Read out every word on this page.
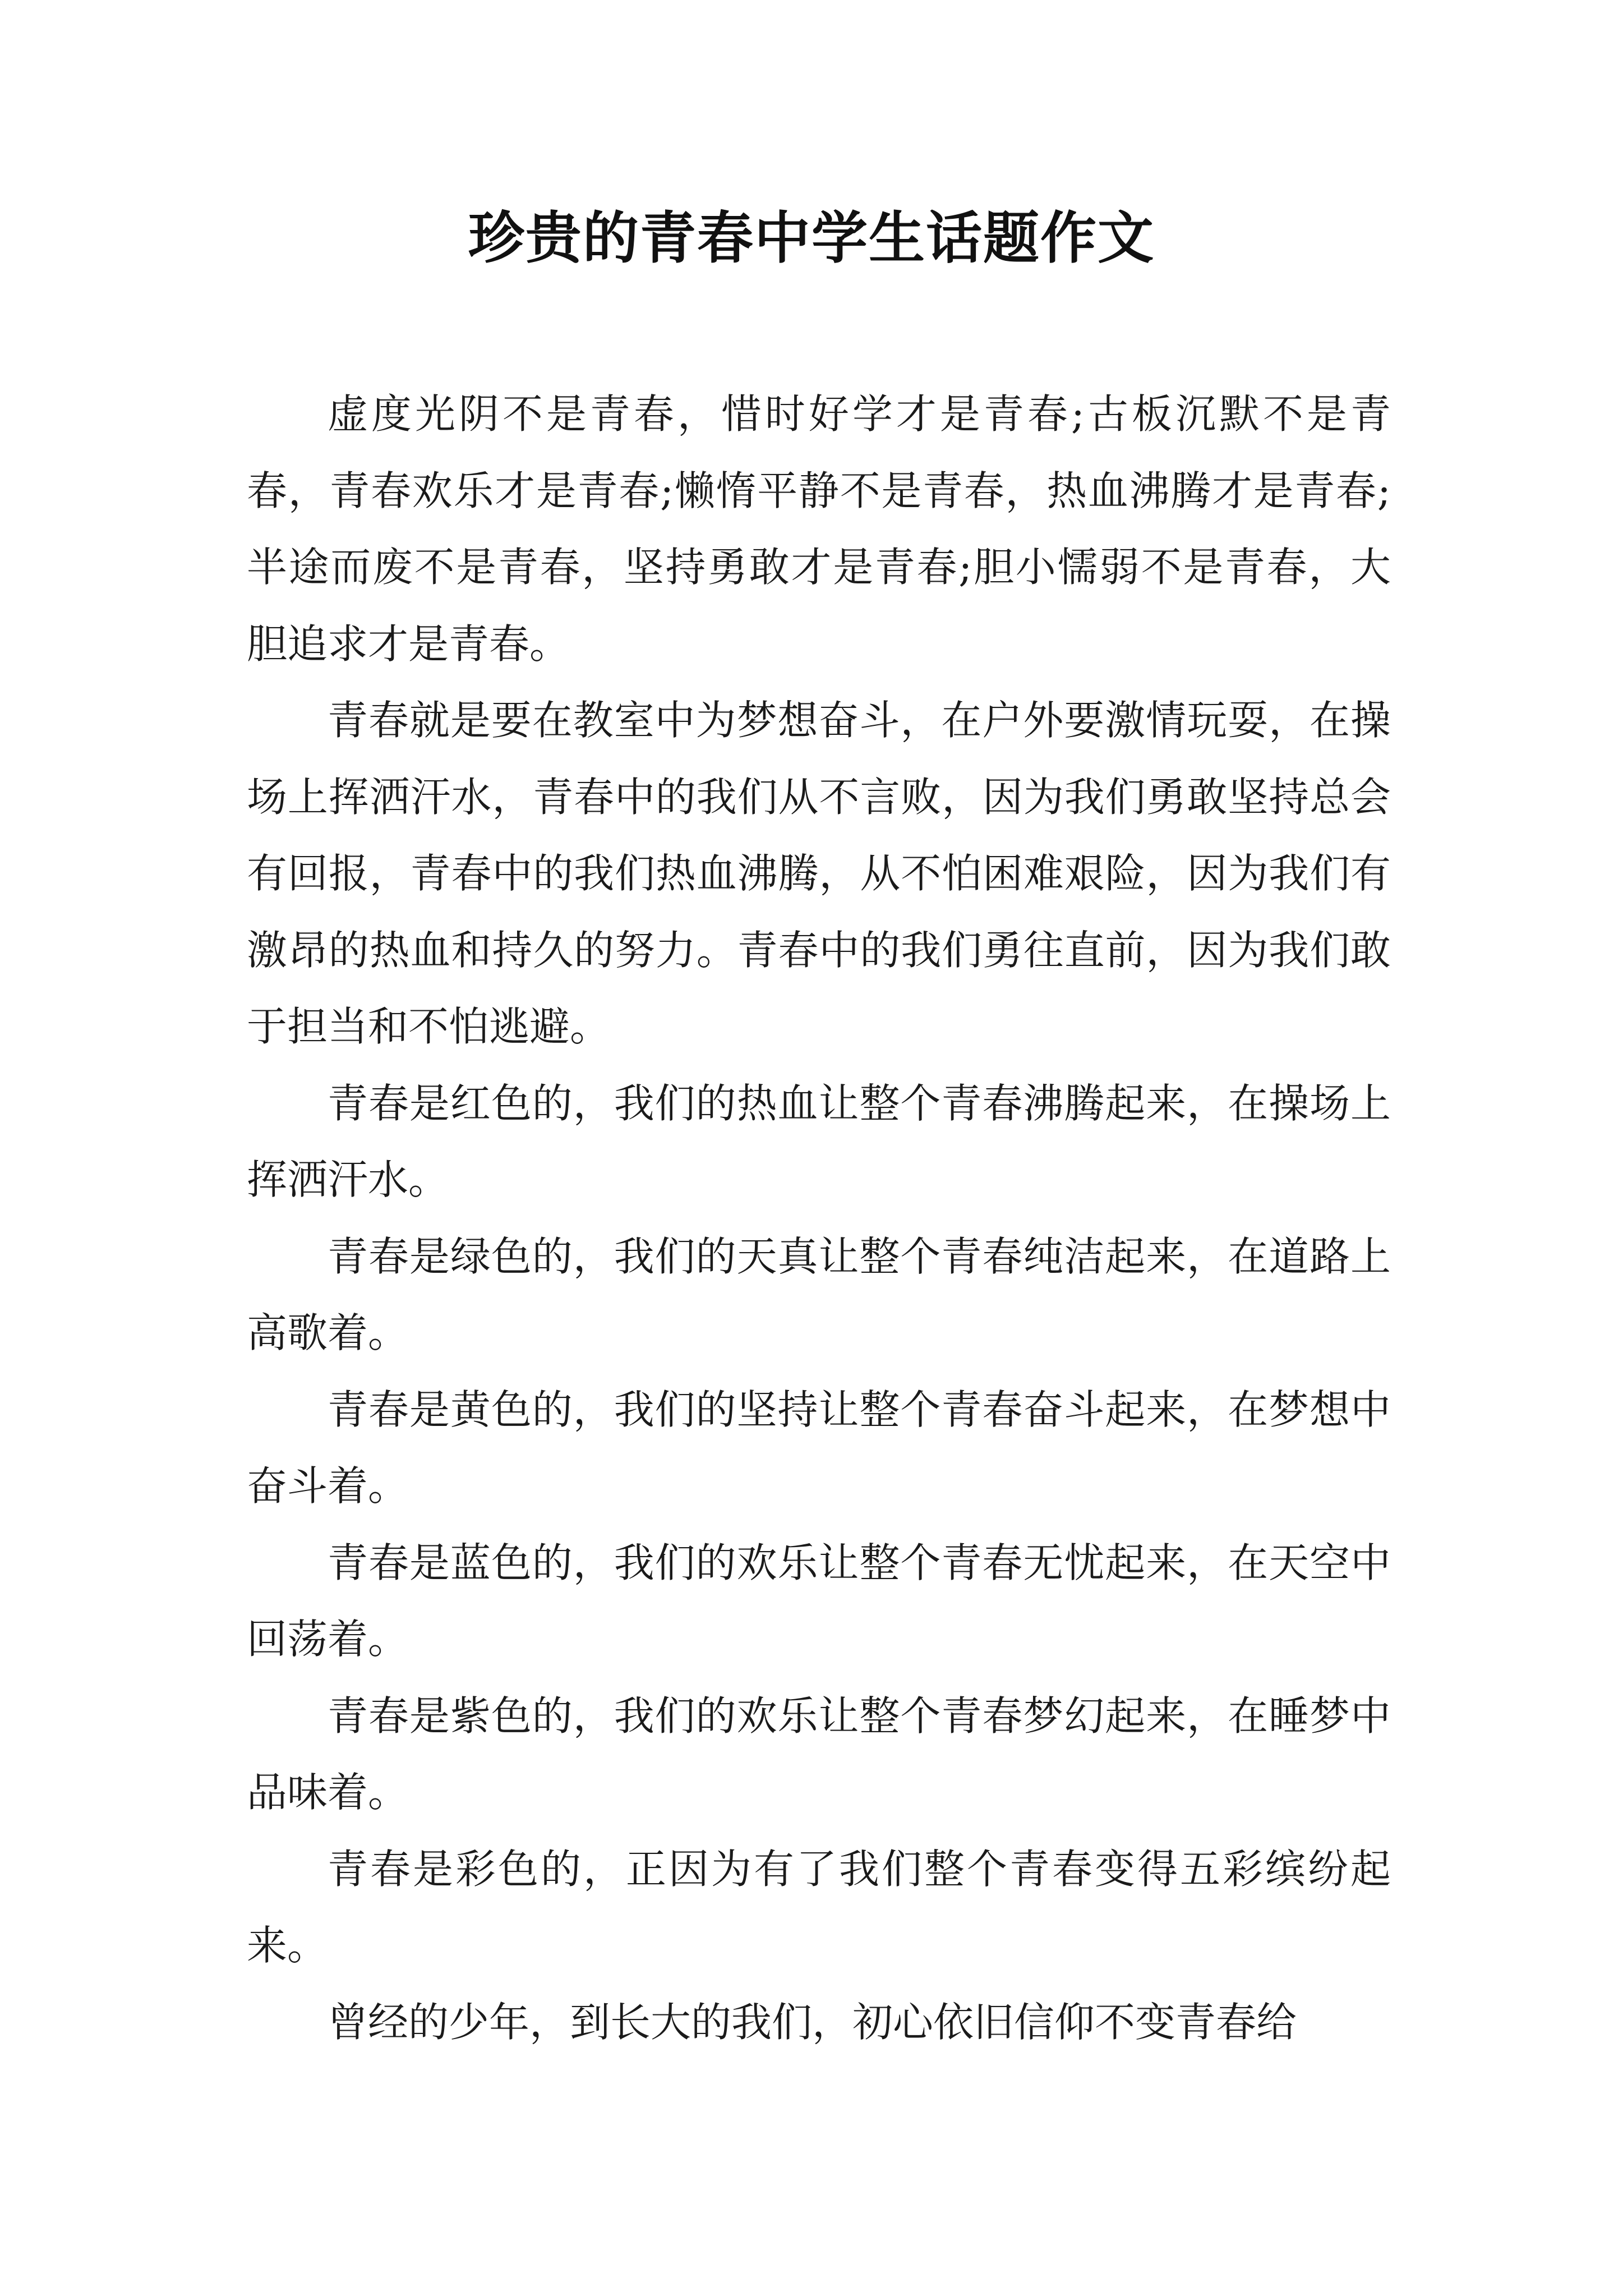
珍贵的青春中学生话题作文

虚度光阴不是青春，惜时好学才是青春;古板沉默不是青春，青春欢乐才是青春;懒惰平静不是青春，热血沸腾才是青春;半途而废不是青春，坚持勇敢才是青春;胆小懦弱不是青春，大胆追求才是青春。

青春就是要在教室中为梦想奋斗，在户外要激情玩耍，在操场上挥洒汗水，青春中的我们从不言败，因为我们勇敢坚持总会有回报，青春中的我们热血沸腾，从不怕困难艰险，因为我们有激昂的热血和持久的努力。青春中的我们勇往直前，因为我们敢于担当和不怕逃避。

青春是红色的，我们的热血让整个青春沸腾起来，在操场上挥洒汗水。

青春是绿色的，我们的天真让整个青春纯洁起来，在道路上高歌着。

青春是黄色的，我们的坚持让整个青春奋斗起来，在梦想中奋斗着。

青春是蓝色的，我们的欢乐让整个青春无忧起来，在天空中回荡着。

青春是紫色的，我们的欢乐让整个青春梦幻起来，在睡梦中品味着。

青春是彩色的，正因为有了我们整个青春变得五彩缤纷起来。

曾经的少年，到长大的我们，初心依旧信仰不变青春给
